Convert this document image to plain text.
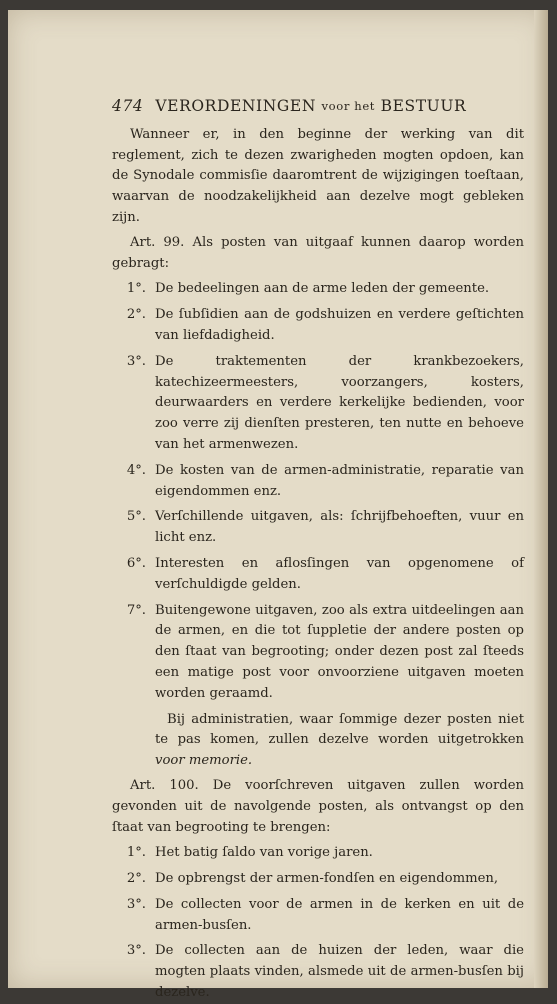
474 VERORDENINGEN
voor het
BESTUUR

Wanneer er, in den beginne der werking van dit reglement, zich te dezen zwarigheden mogten opdoen, kan de Synodale commisſie daaromtrent de wijzigingen toeſtaan, waarvan de noodzakelijkheid aan dezelve mogt gebleken zijn.

Art. 99. Als posten van uitgaaf kunnen daarop worden gebragt:

1°. De bedeelingen aan de arme leden der gemeente.
2°. De ſubſidien aan de godshuizen en verdere geſtichten van liefdadigheid.
3°. De traktementen der krankbezoekers, katechizeermeesters, voorzangers, kosters, deurwaarders en verdere kerkelijke bedienden, voor zoo verre zij dienſten presteren, ten nutte en behoeve van het armenwezen.
4°. De kosten van de armen-administratie, reparatie van eigendommen enz.
5°. Verſchillende uitgaven, als: ſchrijfbehoeften, vuur en licht enz.
6°. Interesten en aflosſingen van opgenomene of verſchuldigde gelden.
7°. Buitengewone uitgaven, zoo als extra uitdeelingen aan de armen, en die tot ſuppletie der andere posten op den ſtaat van begrooting; onder dezen post zal ſteeds een matige post voor onvoorziene uitgaven moeten worden geraamd.

Bij administratien, waar ſommige dezer posten niet te pas komen, zullen dezelve worden uitgetrokken voor memorie.

Art. 100. De voorſchreven uitgaven zullen worden gevonden uit de navolgende posten, als ontvangst op den ſtaat van begrooting te brengen:

1°. Het batig ſaldo van vorige jaren.
2°. De opbrengst der armen-fondſen en eigendommen,
3°. De collecten voor de armen in de kerken en uit de armen-busſen.
3°. De collecten aan de huizen der leden, waar die mogten plaats vinden, alsmede uit de armen-busſen bij dezelve.
